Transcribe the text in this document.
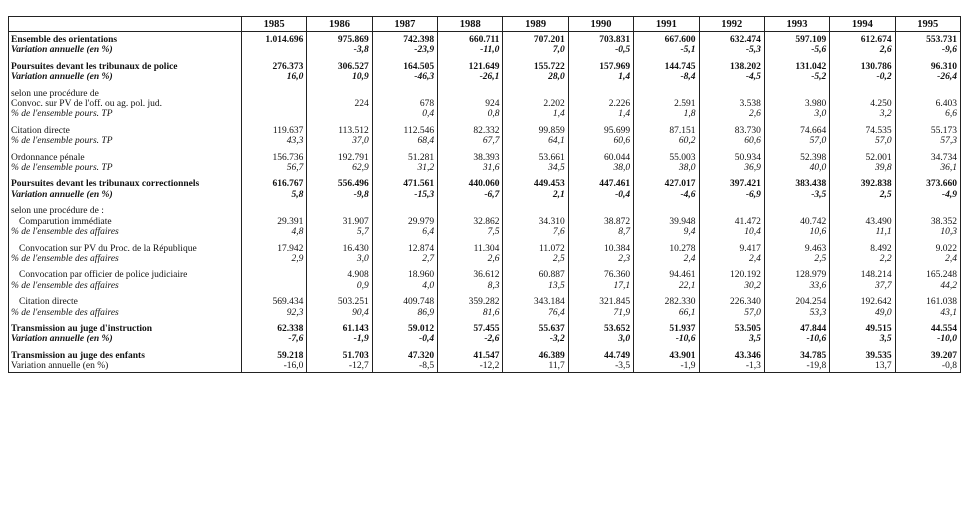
	1985	1986	1987	1988	1989	1990	1991	1992	1993	1994	1995
Ensemble des orientations	1.014.696	975.869	742.398	660.711	707.201	703.831	667.600	632.474	597.109	612.674	553.731
Variation annuelle (en %)		-3,8	-23,9	-11,0	7,0	-0,5	-5,1	-5,3	-5,6	2,6	-9,6

Poursuites devant les tribunaux de police	276.373	306.527	164.505	121.649	155.722	157.969	144.745	138.202	131.042	130.786	96.310
Variation annuelle (en %)	16,0	10,9	-46,3	-26,1	28,0	1,4	-8,4	-4,5	-5,2	-0,2	-26,4

selon une procédure de											
Convoc. sur PV de l'off. ou ag. pol. jud.		224	678	924	2.202	2.226	2.591	3.538	3.980	4.250	6.403
% de l'ensemble pours. TP			0,4	0,8	1,4	1,4	1,8	2,6	3,0	3,2	6,6

Citation directe	119.637	113.512	112.546	82.332	99.859	95.699	87.151	83.730	74.664	74.535	55.173
% de l'ensemble pours. TP	43,3	37,0	68,4	67,7	64,1	60,6	60,2	60,6	57,0	57,0	57,3

Ordonnance pénale	156.736	192.791	51.281	38.393	53.661	60.044	55.003	50.934	52.398	52.001	34.734
% de l'ensemble pours. TP	56,7	62,9	31,2	31,6	34,5	38,0	38,0	36,9	40,0	39,8	36,1

Poursuites devant les tribunaux correctionnels	616.767	556.496	471.561	440.060	449.453	447.461	427.017	397.421	383.438	392.838	373.660
Variation annuelle (en %)	5,8	-9,8	-15,3	-6,7	2,1	-0,4	-4,6	-6,9	-3,5	2,5	-4,9

selon une procédure de :											
Comparution immédiate	29.391	31.907	29.979	32.862	34.310	38.872	39.948	41.472	40.742	43.490	38.352
% de l'ensemble des affaires	4,8	5,7	6,4	7,5	7,6	8,7	9,4	10,4	10,6	11,1	10,3

Convocation sur PV du Proc. de la République	17.942	16.430	12.874	11.304	11.072	10.384	10.278	9.417	9.463	8.492	9.022
% de l'ensemble des affaires	2,9	3,0	2,7	2,6	2,5	2,3	2,4	2,4	2,5	2,2	2,4

Convocation par officier de police judiciaire		4.908	18.960	36.612	60.887	76.360	94.461	120.192	128.979	148.214	165.248
% de l'ensemble des affaires		0,9	4,0	8,3	13,5	17,1	22,1	30,2	33,6	37,7	44,2

Citation directe	569.434	503.251	409.748	359.282	343.184	321.845	282.330	226.340	204.254	192.642	161.038
% de l'ensemble des affaires	92,3	90,4	86,9	81,6	76,4	71,9	66,1	57,0	53,3	49,0	43,1

Transmission au juge d'instruction	62.338	61.143	59.012	57.455	55.637	53.652	51.937	53.505	47.844	49.515	44.554
Variation annuelle (en %)	-7,6	-1,9	-0,4	-2,6	-3,2	3,0	-10,6	3,5	-10,6	3,5	-10,0

Transmission au juge des enfants	59.218	51.703	47.320	41.547	46.389	44.749	43.901	43.346	34.785	39.535	39.207
Variation annuelle (en %)	-16,0	-12,7	-8,5	-12,2	11,7	-3,5	-1,9	-1,3	-19,8	13,7	-0,8
